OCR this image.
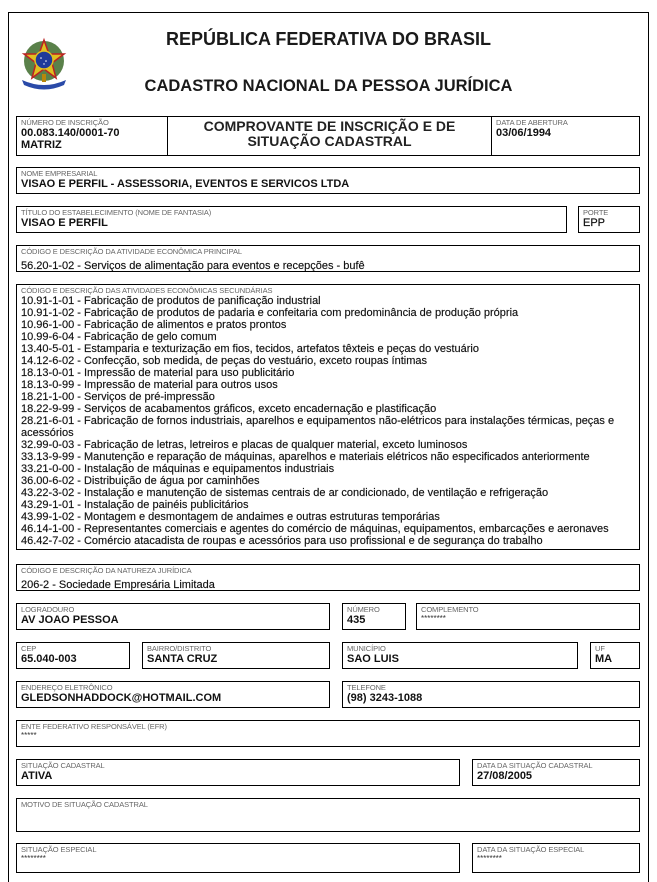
REPÚBLICA FEDERATIVA DO BRASIL
CADASTRO NACIONAL DA PESSOA JURÍDICA
NÚMERO DE INSCRIÇÃO
00.083.140/0001-70
MATRIZ
COMPROVANTE DE INSCRIÇÃO E DE SITUAÇÃO CADASTRAL
DATA DE ABERTURA
03/06/1994
NOME EMPRESARIAL
VISAO E PERFIL - ASSESSORIA, EVENTOS E SERVICOS LTDA
TÍTULO DO ESTABELECIMENTO (NOME DE FANTASIA)
VISAO E PERFIL
PORTE
EPP
CÓDIGO E DESCRIÇÃO DA ATIVIDADE ECONÔMICA PRINCIPAL
56.20-1-02 - Serviços de alimentação para eventos e recepções - bufê
CÓDIGO E DESCRIÇÃO DAS ATIVIDADES ECONÔMICAS SECUNDÁRIAS
10.91-1-01 - Fabricação de produtos de panificação industrial
10.91-1-02 - Fabricação de produtos de padaria e confeitaria com predominância de produção própria
10.96-1-00 - Fabricação de alimentos e pratos prontos
10.99-6-04 - Fabricação de gelo comum
13.40-5-01 - Estamparia e texturização em fios, tecidos, artefatos têxteis e peças do vestuário
14.12-6-02 - Confecção, sob medida, de peças do vestuário, exceto roupas íntimas
18.13-0-01 - Impressão de material para uso publicitário
18.13-0-99 - Impressão de material para outros usos
18.21-1-00 - Serviços de pré-impressão
18.22-9-99 - Serviços de acabamentos gráficos, exceto encadernação e plastificação
28.21-6-01 - Fabricação de fornos industriais, aparelhos e equipamentos não-elétricos para instalações térmicas, peças e acessórios
32.99-0-03 - Fabricação de letras, letreiros e placas de qualquer material, exceto luminosos
33.13-9-99 - Manutenção e reparação de máquinas, aparelhos e materiais elétricos não especificados anteriormente
33.21-0-00 - Instalação de máquinas e equipamentos industriais
36.00-6-02 - Distribuição de água por caminhões
43.22-3-02 - Instalação e manutenção de sistemas centrais de ar condicionado, de ventilação e refrigeração
43.29-1-01 - Instalação de painéis publicitários
43.99-1-02 - Montagem e desmontagem de andaimes e outras estruturas temporárias
46.14-1-00 - Representantes comerciais e agentes do comércio de máquinas, equipamentos, embarcações e aeronaves
46.42-7-02 - Comércio atacadista de roupas e acessórios para uso profissional e de segurança do trabalho
CÓDIGO E DESCRIÇÃO DA NATUREZA JURÍDICA
206-2 - Sociedade Empresária Limitada
LOGRADOURO
AV JOAO PESSOA
NÚMERO
435
COMPLEMENTO
********
CEP
65.040-003
BAIRRO/DISTRITO
SANTA CRUZ
MUNICÍPIO
SAO LUIS
UF
MA
ENDEREÇO ELETRÔNICO
GLEDSONHADDOCK@HOTMAIL.COM
TELEFONE
(98) 3243-1088
ENTE FEDERATIVO RESPONSÁVEL (EFR)
*****
SITUAÇÃO CADASTRAL
ATIVA
DATA DA SITUAÇÃO CADASTRAL
27/08/2005
MOTIVO DE SITUAÇÃO CADASTRAL
SITUAÇÃO ESPECIAL
********
DATA DA SITUAÇÃO ESPECIAL
********
